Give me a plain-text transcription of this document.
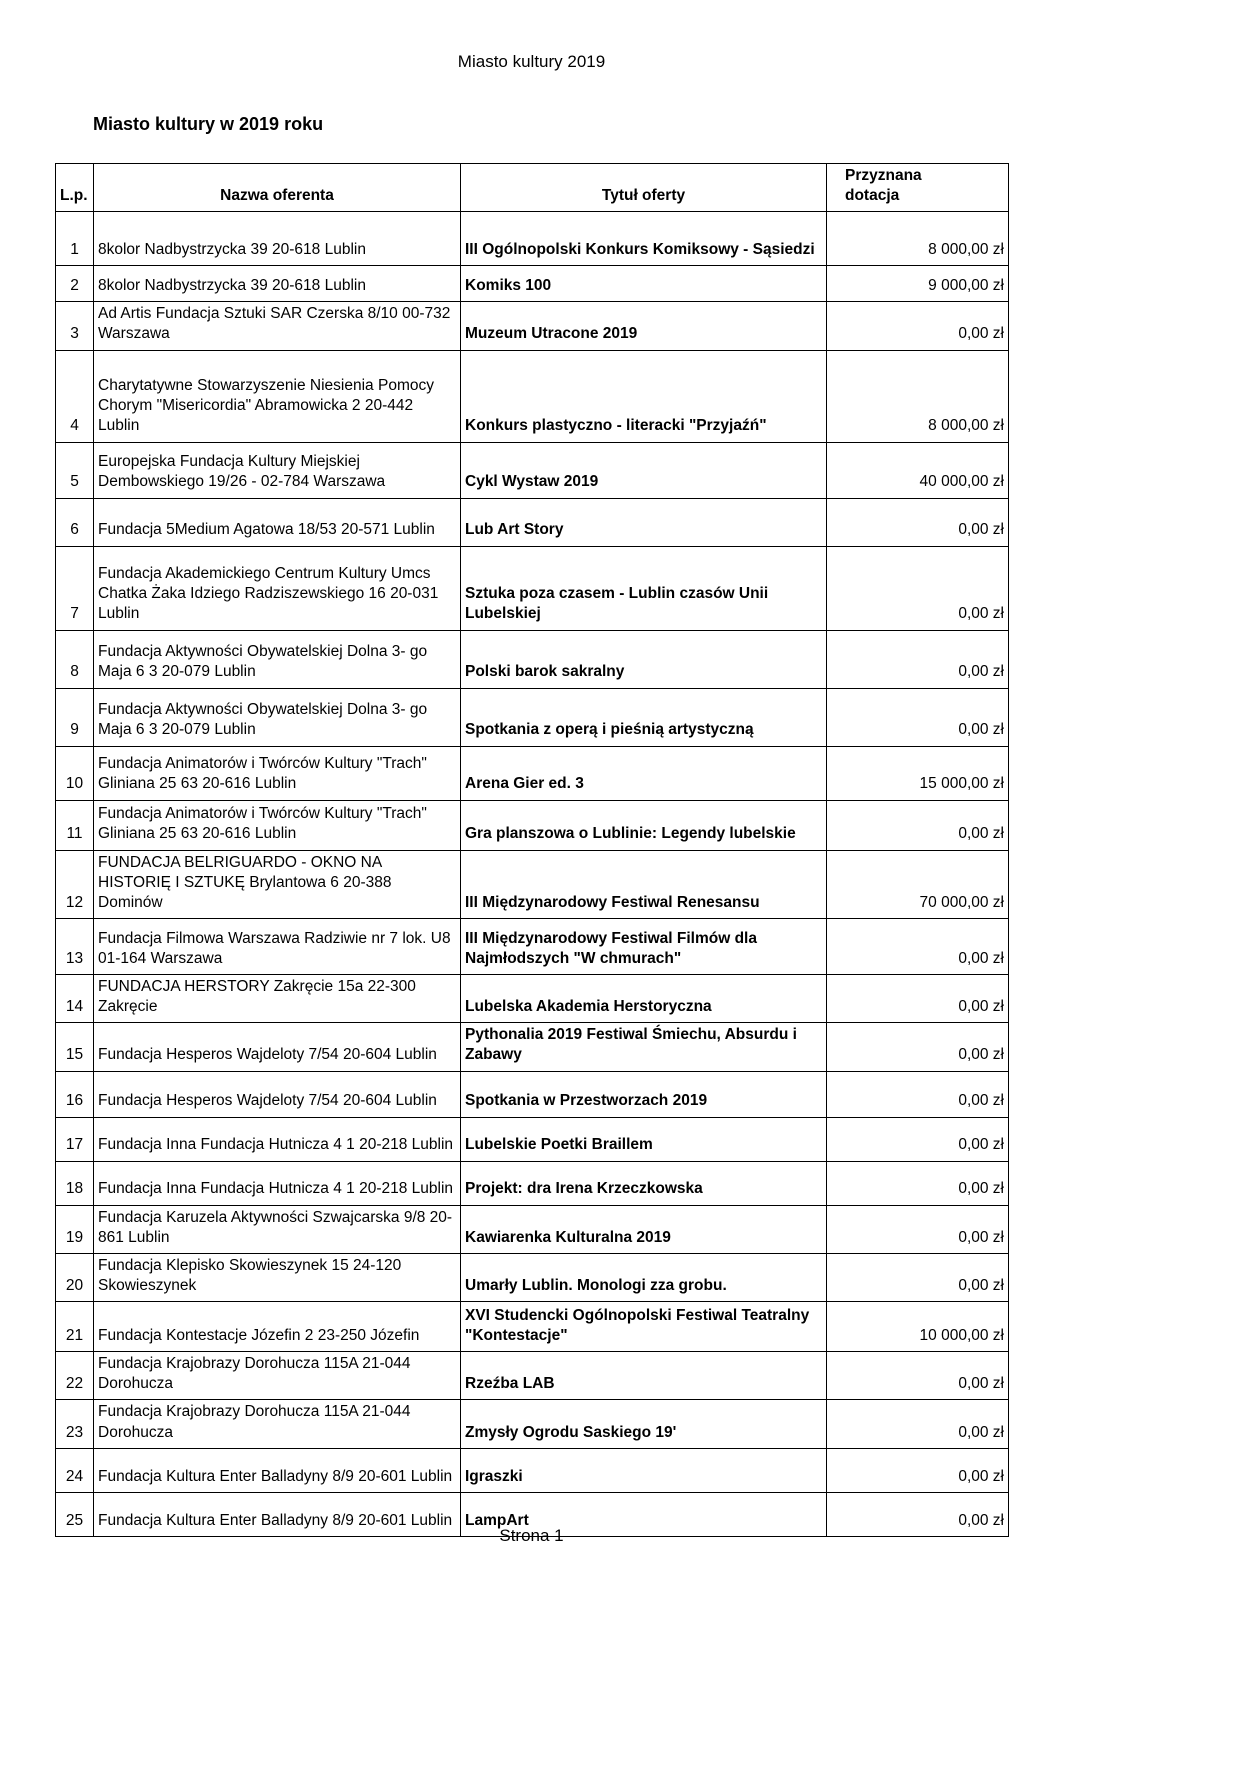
Miasto kultury 2019
Miasto kultury w 2019 roku
L.p.	Nazwa oferenta	Tytuł oferty	Przyznana dotacja
1	8kolor Nadbystrzycka 39 20-618 Lublin	III Ogólnopolski Konkurs Komiksowy - Sąsiedzi	8 000,00 zł
2	8kolor Nadbystrzycka 39 20-618 Lublin	Komiks 100	9 000,00 zł
3	Ad Artis Fundacja Sztuki SAR Czerska 8/10 00-732 Warszawa	Muzeum Utracone 2019	0,00 zł
4	Charytatywne Stowarzyszenie Niesienia Pomocy Chorym "Misericordia" Abramowicka 2 20-442 Lublin	Konkurs plastyczno - literacki "Przyjaźń"	8 000,00 zł
5	Europejska Fundacja Kultury Miejskiej Dembowskiego 19/26 - 02-784 Warszawa	Cykl Wystaw 2019	40 000,00 zł
6	Fundacja 5Medium Agatowa 18/53 20-571 Lublin	Lub Art Story	0,00 zł
7	Fundacja Akademickiego Centrum Kultury Umcs Chatka Żaka Idziego Radziszewskiego 16 20-031 Lublin	Sztuka poza czasem - Lublin czasów Unii Lubelskiej	0,00 zł
8	Fundacja Aktywności Obywatelskiej Dolna 3- go Maja 6 3 20-079 Lublin	Polski barok sakralny	0,00 zł
9	Fundacja Aktywności Obywatelskiej Dolna 3- go Maja 6 3 20-079 Lublin	Spotkania z operą i pieśnią artystyczną	0,00 zł
10	Fundacja Animatorów i Twórców Kultury "Trach" Gliniana 25 63 20-616 Lublin	Arena Gier ed. 3	15 000,00 zł
11	Fundacja Animatorów i Twórców Kultury "Trach" Gliniana 25 63 20-616 Lublin	Gra planszowa o Lublinie: Legendy lubelskie	0,00 zł
12	FUNDACJA BELRIGUARDO - OKNO NA HISTORIĘ I SZTUKĘ Brylantowa 6 20-388 Dominów	III Międzynarodowy Festiwal Renesansu	70 000,00 zł
13	Fundacja Filmowa Warszawa Radziwie nr 7 lok. U8 01-164 Warszawa	III Międzynarodowy Festiwal Filmów dla Najmłodszych "W chmurach"	0,00 zł
14	FUNDACJA HERSTORY Zakręcie 15a 22-300 Zakręcie	Lubelska Akademia Herstoryczna	0,00 zł
15	Fundacja Hesperos Wajdeloty 7/54 20-604 Lublin	Pythonalia 2019 Festiwal Śmiechu, Absurdu i Zabawy	0,00 zł
16	Fundacja Hesperos Wajdeloty 7/54 20-604 Lublin	Spotkania w Przestworzach 2019	0,00 zł
17	Fundacja Inna Fundacja Hutnicza 4 1 20-218 Lublin	Lubelskie Poetki Braillem	0,00 zł
18	Fundacja Inna Fundacja Hutnicza 4 1 20-218 Lublin	Projekt: dra Irena Krzeczkowska	0,00 zł
19	Fundacja Karuzela Aktywności Szwajcarska 9/8 20-861 Lublin	Kawiarenka Kulturalna 2019	0,00 zł
20	Fundacja Klepisko Skowieszynek 15 24-120 Skowieszynek	Umarły Lublin. Monologi zza grobu.	0,00 zł
21	Fundacja Kontestacje Józefin 2 23-250 Józefin	XVI Studencki Ogólnopolski Festiwal Teatralny "Kontestacje"	10 000,00 zł
22	Fundacja Krajobrazy Dorohucza 115A 21-044 Dorohucza	Rzeźba LAB	0,00 zł
23	Fundacja Krajobrazy Dorohucza 115A 21-044 Dorohucza	Zmysły Ogrodu Saskiego 19'	0,00 zł
24	Fundacja Kultura Enter Balladyny 8/9 20-601 Lublin	Igraszki	0,00 zł
25	Fundacja Kultura Enter Balladyny 8/9 20-601 Lublin	LampArt	0,00 zł
Strona 1
